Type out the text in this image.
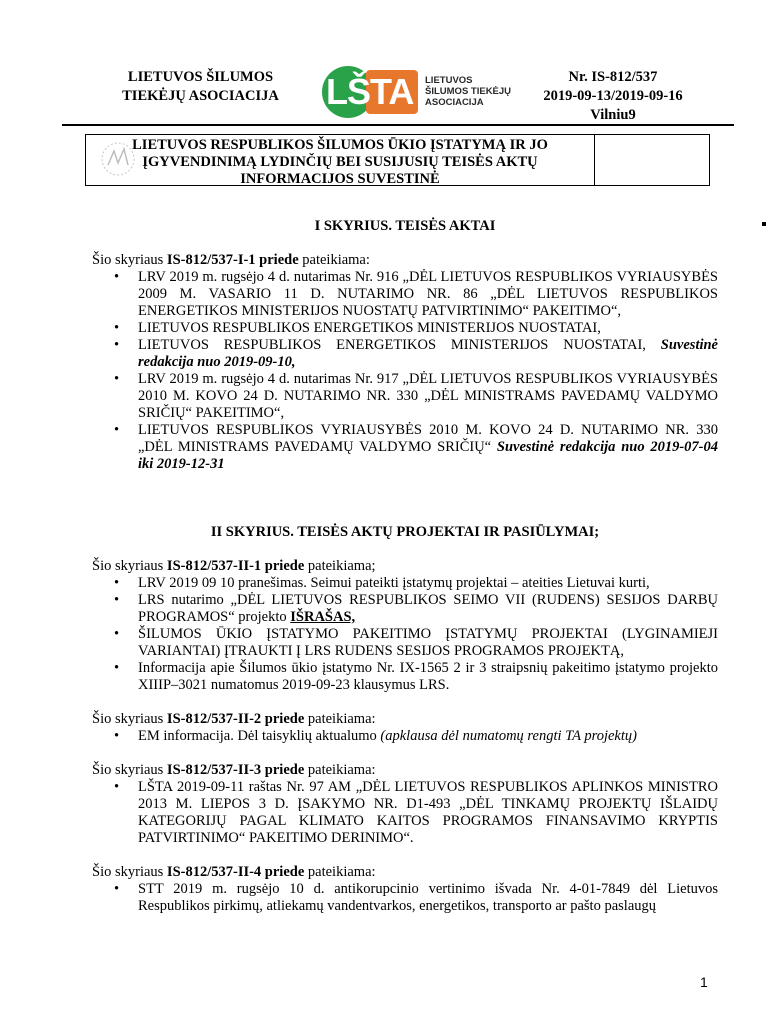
LIETUVOS ŠILUMOS
TIEKĖJŲ ASOCIACIJA	LŠTA LIETUVOS
ŠILUMOS TIEKĖJŲ
ASOCIACIJA
Nr. IS-812/537
2019-09-13/2019-09-16
Vilniu9
LIETUVOS RESPUBLIKOS ŠILUMOS ŪKIO ĮSTATYMĄ IR JO
ĮGYVENDINIMĄ LYDINČIŲ BEI SUSIJUSIŲ TEISĖS AKTŲ
INFORMACIJOS SUVESTINĖ
I SKYRIUS. TEISĖS AKTAI

Šio skyriaus IS-812/537-I-1 priede pateikiama:

• LRV 2019 m. rugsėjo 4 d. nutarimas Nr. 916 „DĖL LIETUVOS RESPUBLIKOS VYRIAUSYBĖS 2009 M. VASARIO 11 D. NUTARIMO NR. 86 „DĖL LIETUVOS RESPUBLIKOS ENERGETIKOS MINISTERIJOS NUOSTATŲ PATVIRTINIMO“ PAKEITIMO“,
• LIETUVOS RESPUBLIKOS ENERGETIKOS MINISTERIJOS NUOSTATAI,
• LIETUVOS RESPUBLIKOS ENERGETIKOS MINISTERIJOS NUOSTATAI, Suvestinė redakcija nuo 2019-09-10,
• LRV 2019 m. rugsėjo 4 d. nutarimas Nr. 917 „DĖL LIETUVOS RESPUBLIKOS VYRIAUSYBĖS 2010 M. KOVO 24 D. NUTARIMO NR. 330 „DĖL MINISTRAMS PAVEDAMŲ VALDYMO SRIČIŲ“ PAKEITIMO“,
• LIETUVOS RESPUBLIKOS VYRIAUSYBĖS 2010 M. KOVO 24 D. NUTARIMO NR. 330 „DĖL MINISTRAMS PAVEDAMŲ VALDYMO SRIČIŲ“ Suvestinė redakcija nuo 2019-07-04 iki 2019-12-31
II SKYRIUS. TEISĖS AKTŲ PROJEKTAI IR PASIŪLYMAI;

Šio skyriaus IS-812/537-II-1 priede pateikiama;

• LRV 2019 09 10 pranešimas. Seimui pateikti įstatymų projektai – ateities Lietuvai kurti,
• LRS nutarimo „DĖL LIETUVOS RESPUBLIKOS SEIMO VII (RUDENS) SESIJOS DARBŲ PROGRAMOS“ projekto IŠRAŠAS,
• ŠILUMOS ŪKIO ĮSTATYMO PAKEITIMO ĮSTATYMŲ PROJEKTAI (LYGINAMIEJI VARIANTAI) ĮTRAUKTI Į LRS RUDENS SESIJOS PROGRAMOS PROJEKTĄ,
• Informacija apie Šilumos ūkio įstatymo Nr. IX-1565 2 ir 3 straipsnių pakeitimo įstatymo projekto XIIIP–3021 numatomus 2019-09-23 klausymus LRS.

Šio skyriaus IS-812/537-II-2 priede pateikiama:

• EM informacija. Dėl taisyklių aktualumo (apklausa dėl numatomų rengti TA projektų)

Šio skyriaus IS-812/537-II-3 priede pateikiama:

• LŠTA 2019-09-11 raštas Nr. 97 AM „DĖL LIETUVOS RESPUBLIKOS APLINKOS MINISTRO 2013 M. LIEPOS 3 D. ĮSAKYMO NR. D1-493 „DĖL TINKAMŲ PROJEKTŲ IŠLAIDŲ KATEGORIJŲ PAGAL KLIMATO KAITOS PROGRAMOS FINANSAVIMO KRYPTIS PATVIRTINIMO“ PAKEITIMO DERINIMO“.

Šio skyriaus IS-812/537-II-4 priede pateikiama:

• STT 2019 m. rugsėjo 10 d. antikorupcinio vertinimo išvada Nr. 4-01-7849 dėl Lietuvos Respublikos pirkimų, atliekamų vandentvarkos, energetikos, transporto ar pašto paslaugų
1
